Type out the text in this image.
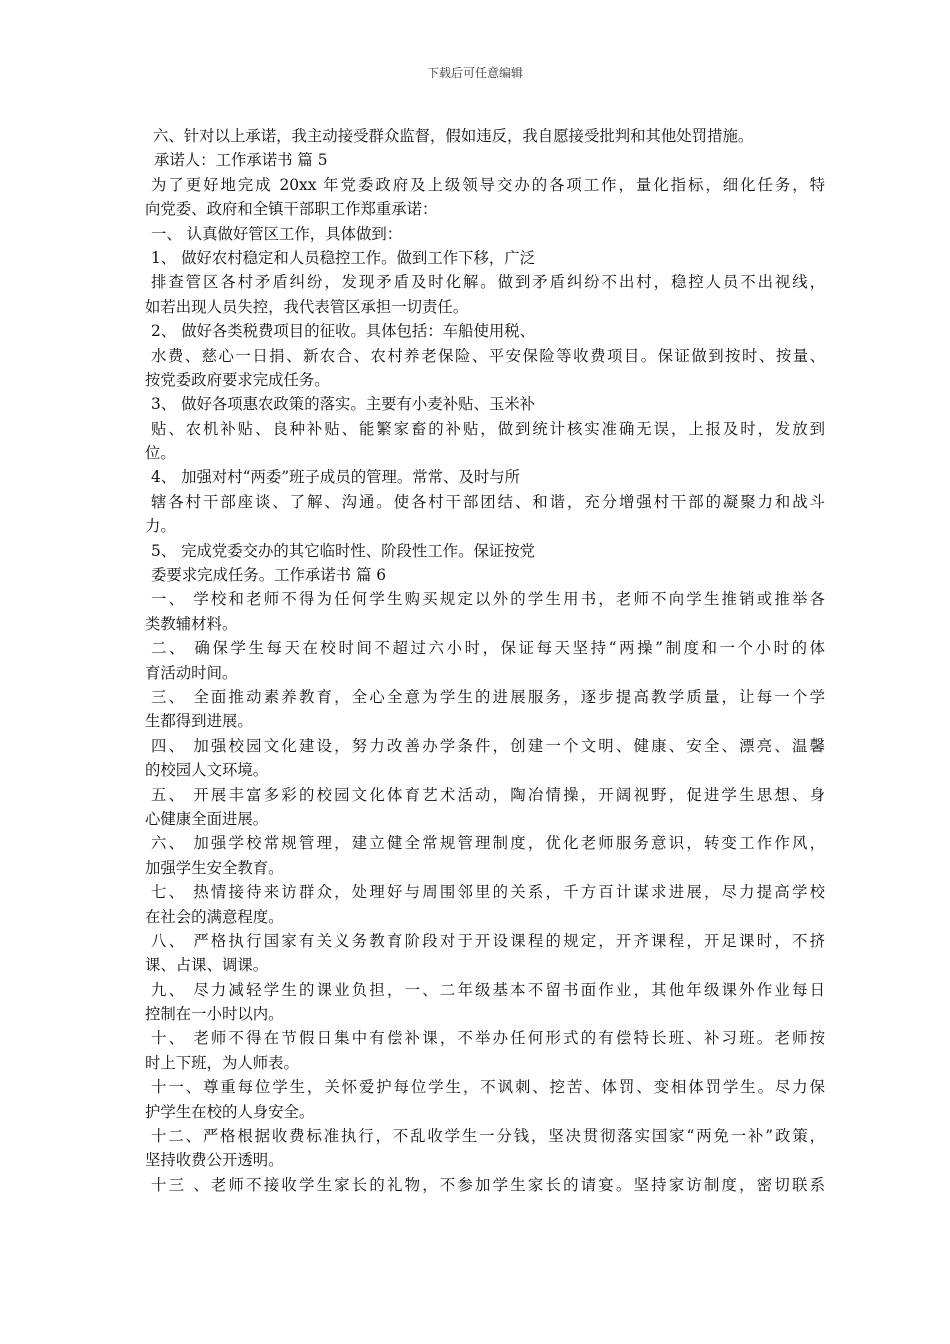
下载后可任意编辑
六、针对以上承诺，我主动接受群众监督，假如违反，我自愿接受批判和其他处罚措施。
承诺人：工作承诺书 篇 5
为了更好地完成 20xx 年党委政府及上级领导交办的各项工作，量化指标，细化任务，特
向党委、政府和全镇干部职工作郑重承诺：
一、 认真做好管区工作，具体做到：
1、 做好农村稳定和人员稳控工作。做到工作下移，广泛
排查管区各村矛盾纠纷，发现矛盾及时化解。做到矛盾纠纷不出村，稳控人员不出视线，
如若出现人员失控，我代表管区承担一切责任。
2、 做好各类税费项目的征收。具体包括：车船使用税、
水费、慈心一日捐、新农合、农村养老保险、平安保险等收费项目。保证做到按时、按量、
按党委政府要求完成任务。
3、 做好各项惠农政策的落实。主要有小麦补贴、玉米补
贴、农机补贴、良种补贴、能繁家畜的补贴，做到统计核实准确无误，上报及时，发放到
位。
4、 加强对村“两委”班子成员的管理。常常、及时与所
辖各村干部座谈、了解、沟通。使各村干部团结、和谐，充分增强村干部的凝聚力和战斗
力。
5、 完成党委交办的其它临时性、阶段性工作。保证按党
委要求完成任务。工作承诺书 篇 6
一、 学校和老师不得为任何学生购买规定以外的学生用书，老师不向学生推销或推举各
类教辅材料。
二、 确保学生每天在校时间不超过六小时，保证每天坚持“两操”制度和一个小时的体
育活动时间。
三、 全面推动素养教育，全心全意为学生的进展服务，逐步提高教学质量，让每一个学
生都得到进展。
四、 加强校园文化建设，努力改善办学条件，创建一个文明、健康、安全、漂亮、温馨
的校园人文环境。
五、 开展丰富多彩的校园文化体育艺术活动，陶冶情操，开阔视野，促进学生思想、身
心健康全面进展。
六、 加强学校常规管理，建立健全常规管理制度，优化老师服务意识，转变工作作风，
加强学生安全教育。
七、 热情接待来访群众，处理好与周围邻里的关系，千方百计谋求进展，尽力提高学校
在社会的满意程度。
八、 严格执行国家有关义务教育阶段对于开设课程的规定，开齐课程，开足课时，不挤
课、占课、调课。
九、 尽力减轻学生的课业负担，一、二年级基本不留书面作业，其他年级课外作业每日
控制在一小时以内。
十、 老师不得在节假日集中有偿补课，不举办任何形式的有偿特长班、补习班。老师按
时上下班，为人师表。
十一、尊重每位学生，关怀爱护每位学生，不讽刺、挖苦、体罚、变相体罚学生。尽力保
护学生在校的人身安全。
十二、严格根据收费标准执行，不乱收学生一分钱，坚决贯彻落实国家“两免一补”政策，
坚持收费公开透明。
十三 、老师不接收学生家长的礼物，不参加学生家长的请宴。坚持家访制度，密切联系
